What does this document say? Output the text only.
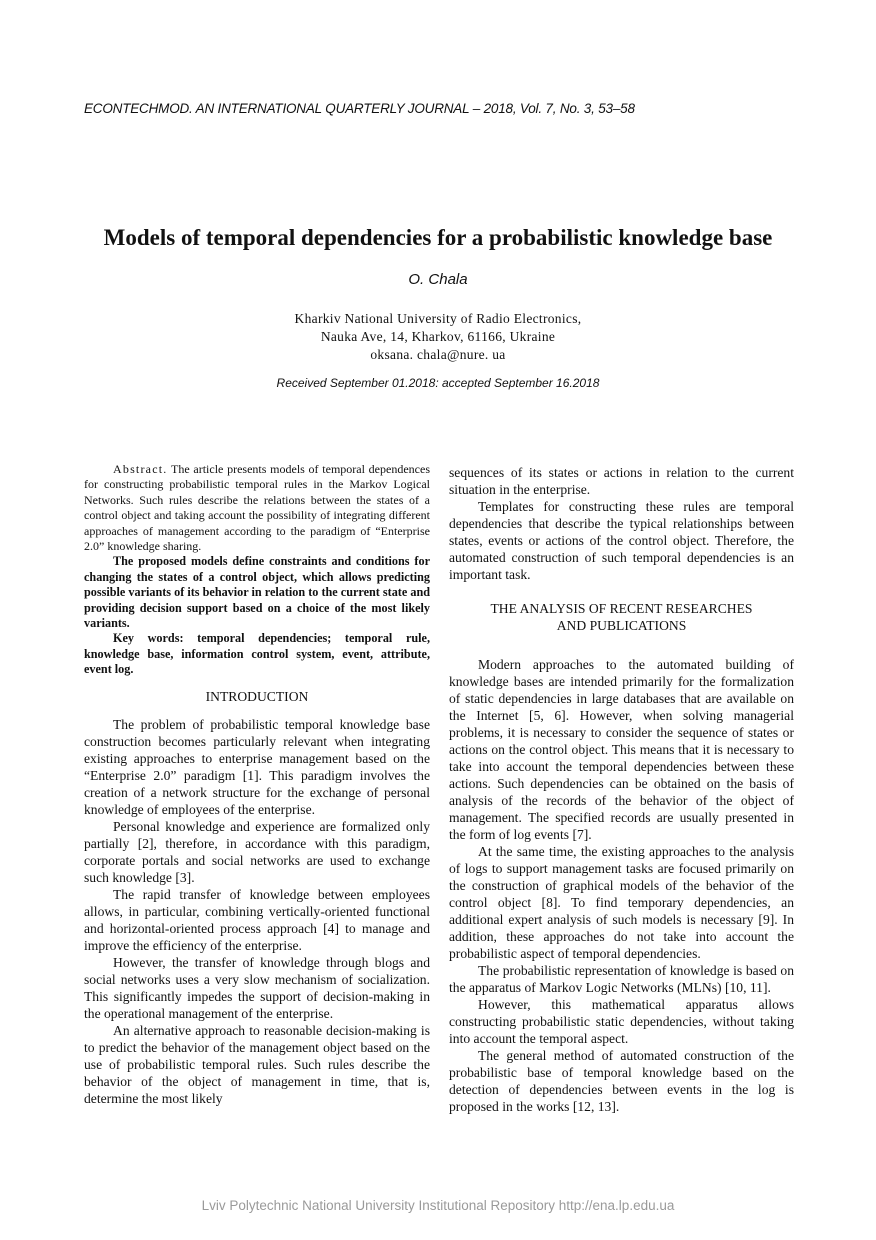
ECONTECHMOD. AN INTERNATIONAL QUARTERLY JOURNAL – 2018, Vol. 7, No. 3, 53–58
Models of temporal dependencies for a probabilistic knowledge base
O. Chala
Kharkiv National University of Radio Electronics,
Nauka Ave, 14, Kharkov, 61166, Ukraine
oksana. chala@nure. ua
Received September 01.2018: accepted September 16.2018

Abstract. The article presents models of temporal dependences for constructing probabilistic temporal rules in the Markov Logical Networks. Such rules describe the relations between the states of a control object and taking account the possibility of integrating different approaches of management according to the paradigm of “Enterprise 2.0” knowledge sharing.

The proposed models define constraints and conditions for changing the states of a control object, which allows predicting possible variants of its behavior in relation to the current state and providing decision support based on a choice of the most likely variants.

Key words: temporal dependencies; temporal rule, knowledge base, information control system, event, attribute, event log.

INTRODUCTION

The problem of probabilistic temporal knowledge base construction becomes particularly relevant when integrating existing approaches to enterprise management based on the “Enterprise 2.0” paradigm [1]. This paradigm involves the creation of a network structure for the exchange of personal knowledge of employees of the enterprise.

Personal knowledge and experience are formalized only partially [2], therefore, in accordance with this paradigm, corporate portals and social networks are used to exchange such knowledge [3].

The rapid transfer of knowledge between employees allows, in particular, combining vertically-oriented functional and horizontal-oriented process approach [4] to manage and improve the efficiency of the enterprise.

However, the transfer of knowledge through blogs and social networks uses a very slow mechanism of socialization. This significantly impedes the support of decision-making in the operational management of the enterprise.

An alternative approach to reasonable decision-making is to predict the behavior of the management object based on the use of probabilistic temporal rules. Such rules describe the behavior of the object of management in time, that is, determine the most likely

sequences of its states or actions in relation to the current situation in the enterprise.

Templates for constructing these rules are temporal dependencies that describe the typical relationships between states, events or actions of the control object. Therefore, the automated construction of such temporal dependencies is an important task.

THE ANALYSIS OF RECENT RESEARCHES
AND PUBLICATIONS

Modern approaches to the automated building of knowledge bases are intended primarily for the formalization of static dependencies in large databases that are available on the Internet [5, 6]. However, when solving managerial problems, it is necessary to consider the sequence of states or actions on the control object. This means that it is necessary to take into account the temporal dependencies between these actions. Such dependencies can be obtained on the basis of analysis of the records of the behavior of the object of management. The specified records are usually presented in the form of log events [7].

At the same time, the existing approaches to the analysis of logs to support management tasks are focused primarily on the construction of graphical models of the behavior of the control object [8]. To find temporary dependencies, an additional expert analysis of such models is necessary [9]. In addition, these approaches do not take into account the probabilistic aspect of temporal dependencies.

The probabilistic representation of knowledge is based on the apparatus of Markov Logic Networks (MLNs) [10, 11].

However, this mathematical apparatus allows constructing probabilistic static dependencies, without taking into account the temporal aspect.

The general method of automated construction of the probabilistic base of temporal knowledge based on the detection of dependencies between events in the log is proposed in the works [12, 13].

Lviv Polytechnic National University Institutional Repository http://ena.lp.edu.ua
